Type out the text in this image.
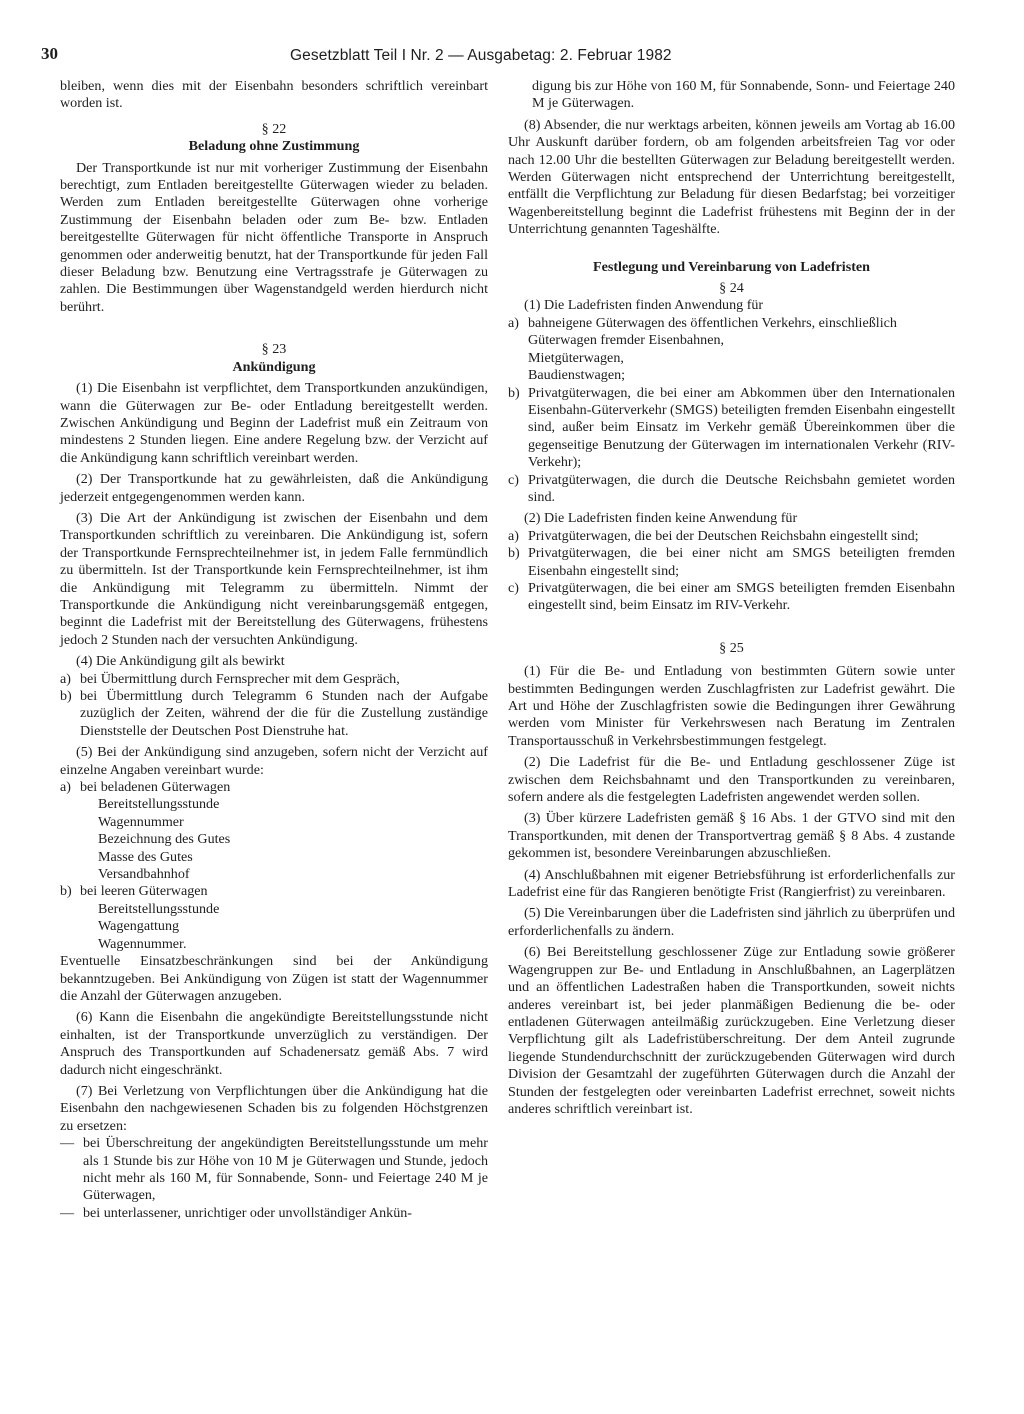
30	Gesetzblatt Teil I Nr. 2 — Ausgabetag: 2. Februar 1982

bleiben, wenn dies mit der Eisenbahn besonders schriftlich vereinbart worden ist.

§ 22
Beladung ohne Zustimmung

Der Transportkunde ist nur mit vorheriger Zustimmung der Eisenbahn berechtigt, zum Entladen bereitgestellte Güterwagen wieder zu beladen. Werden zum Entladen bereitgestellte Güterwagen ohne vorherige Zustimmung der Eisenbahn beladen oder zum Be- bzw. Entladen bereitgestellte Güterwagen für nicht öffentliche Transporte in Anspruch genommen oder anderweitig benutzt, hat der Transportkunde für jeden Fall dieser Beladung bzw. Benutzung eine Vertragsstrafe je Güterwagen zu zahlen. Die Bestimmungen über Wagenstandgeld werden hierdurch nicht berührt.

§ 23
Ankündigung

(1) Die Eisenbahn ist verpflichtet, dem Transportkunden anzukündigen, wann die Güterwagen zur Be- oder Entladung bereitgestellt werden. Zwischen Ankündigung und Beginn der Ladefrist muß ein Zeitraum von mindestens 2 Stunden liegen. Eine andere Regelung bzw. der Verzicht auf die Ankündigung kann schriftlich vereinbart werden.

(2) Der Transportkunde hat zu gewährleisten, daß die Ankündigung jederzeit entgegengenommen werden kann.

(3) Die Art der Ankündigung ist zwischen der Eisenbahn und dem Transportkunden schriftlich zu vereinbaren. Die Ankündigung ist, sofern der Transportkunde Fernsprechteilnehmer ist, in jedem Falle fernmündlich zu übermitteln. Ist der Transportkunde kein Fernsprechteilnehmer, ist ihm die Ankündigung mit Telegramm zu übermitteln. Nimmt der Transportkunde die Ankündigung nicht vereinbarungsgemäß entgegen, beginnt die Ladefrist mit der Bereitstellung des Güterwagens, frühestens jedoch 2 Stunden nach der versuchten Ankündigung.

(4) Die Ankündigung gilt als bewirkt

a) bei Übermittlung durch Fernsprecher mit dem Gespräch,
b) bei Übermittlung durch Telegramm 6 Stunden nach der Aufgabe zuzüglich der Zeiten, während der die für die Zustellung zuständige Dienststelle der Deutschen Post Dienstruhe hat.

(5) Bei der Ankündigung sind anzugeben, sofern nicht der Verzicht auf einzelne Angaben vereinbart wurde:

a) bei beladenen Güterwagen
Bereitstellungsstunde
Wagennummer
Bezeichnung des Gutes
Masse des Gutes
Versandbahnhof
b) bei leeren Güterwagen
Bereitstellungsstunde
Wagengattung
Wagennummer.

Eventuelle Einsatzbeschränkungen sind bei der Ankündigung bekanntzugeben. Bei Ankündigung von Zügen ist statt der Wagennummer die Anzahl der Güterwagen anzugeben.

(6) Kann die Eisenbahn die angekündigte Bereitstellungsstunde nicht einhalten, ist der Transportkunde unverzüglich zu verständigen. Der Anspruch des Transportkunden auf Schadenersatz gemäß Abs. 7 wird dadurch nicht eingeschränkt.

(7) Bei Verletzung von Verpflichtungen über die Ankündigung hat die Eisenbahn den nachgewiesenen Schaden bis zu folgenden Höchstgrenzen zu ersetzen:

— bei Überschreitung der angekündigten Bereitstellungsstunde um mehr als 1 Stunde bis zur Höhe von 10 M je Güterwagen und Stunde, jedoch nicht mehr als 160 M, für Sonnabende, Sonn- und Feiertage 240 M je Güterwagen,
— bei unterlassener, unrichtiger oder unvollständiger Ankün-

digung bis zur Höhe von 160 M, für Sonnabende, Sonn- und Feiertage 240 M je Güterwagen.

(8) Absender, die nur werktags arbeiten, können jeweils am Vortag ab 16.00 Uhr Auskunft darüber fordern, ob am folgenden arbeitsfreien Tag vor oder nach 12.00 Uhr die bestellten Güterwagen zur Beladung bereitgestellt werden. Werden Güterwagen nicht entsprechend der Unterrichtung bereitgestellt, entfällt die Verpflichtung zur Beladung für diesen Bedarfstag; bei vorzeitiger Wagenbereitstellung beginnt die Ladefrist frühestens mit Beginn der in der Unterrichtung genannten Tageshälfte.

Festlegung und Vereinbarung von Ladefristen
§ 24

(1) Die Ladefristen finden Anwendung für

a) bahneigene Güterwagen des öffentlichen Verkehrs, einschließlich
Güterwagen fremder Eisenbahnen,
Mietgüterwagen,
Baudienstwagen;
b) Privatgüterwagen, die bei einer am Abkommen über den Internationalen Eisenbahn-Güterverkehr (SMGS) beteiligten fremden Eisenbahn eingestellt sind, außer beim Einsatz im Verkehr gemäß Übereinkommen über die gegenseitige Benutzung der Güterwagen im internationalen Verkehr (RIV-Verkehr);
c) Privatgüterwagen, die durch die Deutsche Reichsbahn gemietet worden sind.

(2) Die Ladefristen finden keine Anwendung für

a) Privatgüterwagen, die bei der Deutschen Reichsbahn eingestellt sind;
b) Privatgüterwagen, die bei einer nicht am SMGS beteiligten fremden Eisenbahn eingestellt sind;
c) Privatgüterwagen, die bei einer am SMGS beteiligten fremden Eisenbahn eingestellt sind, beim Einsatz im RIV-Verkehr.
§ 25

(1) Für die Be- und Entladung von bestimmten Gütern sowie unter bestimmten Bedingungen werden Zuschlagfristen zur Ladefrist gewährt. Die Art und Höhe der Zuschlagfristen sowie die Bedingungen ihrer Gewährung werden vom Minister für Verkehrswesen nach Beratung im Zentralen Transportausschuß in Verkehrsbestimmungen festgelegt.

(2) Die Ladefrist für die Be- und Entladung geschlossener Züge ist zwischen dem Reichsbahnamt und den Transportkunden zu vereinbaren, sofern andere als die festgelegten Ladefristen angewendet werden sollen.

(3) Über kürzere Ladefristen gemäß § 16 Abs. 1 der GTVO sind mit den Transportkunden, mit denen der Transportvertrag gemäß § 8 Abs. 4 zustande gekommen ist, besondere Vereinbarungen abzuschließen.

(4) Anschlußbahnen mit eigener Betriebsführung ist erforderlichenfalls zur Ladefrist eine für das Rangieren benötigte Frist (Rangierfrist) zu vereinbaren.

(5) Die Vereinbarungen über die Ladefristen sind jährlich zu überprüfen und erforderlichenfalls zu ändern.

(6) Bei Bereitstellung geschlossener Züge zur Entladung sowie größerer Wagengruppen zur Be- und Entladung in Anschlußbahnen, an Lagerplätzen und an öffentlichen Ladestraßen haben die Transportkunden, soweit nichts anderes vereinbart ist, bei jeder planmäßigen Bedienung die be- oder entladenen Güterwagen anteilmäßig zurückzugeben. Eine Verletzung dieser Verpflichtung gilt als Ladefristüberschreitung. Der dem Anteil zugrunde liegende Stundendurchschnitt der zurückzugebenden Güterwagen wird durch Division der Gesamtzahl der zugeführten Güterwagen durch die Anzahl der Stunden der festgelegten oder vereinbarten Ladefrist errechnet, soweit nichts anderes schriftlich vereinbart ist.
